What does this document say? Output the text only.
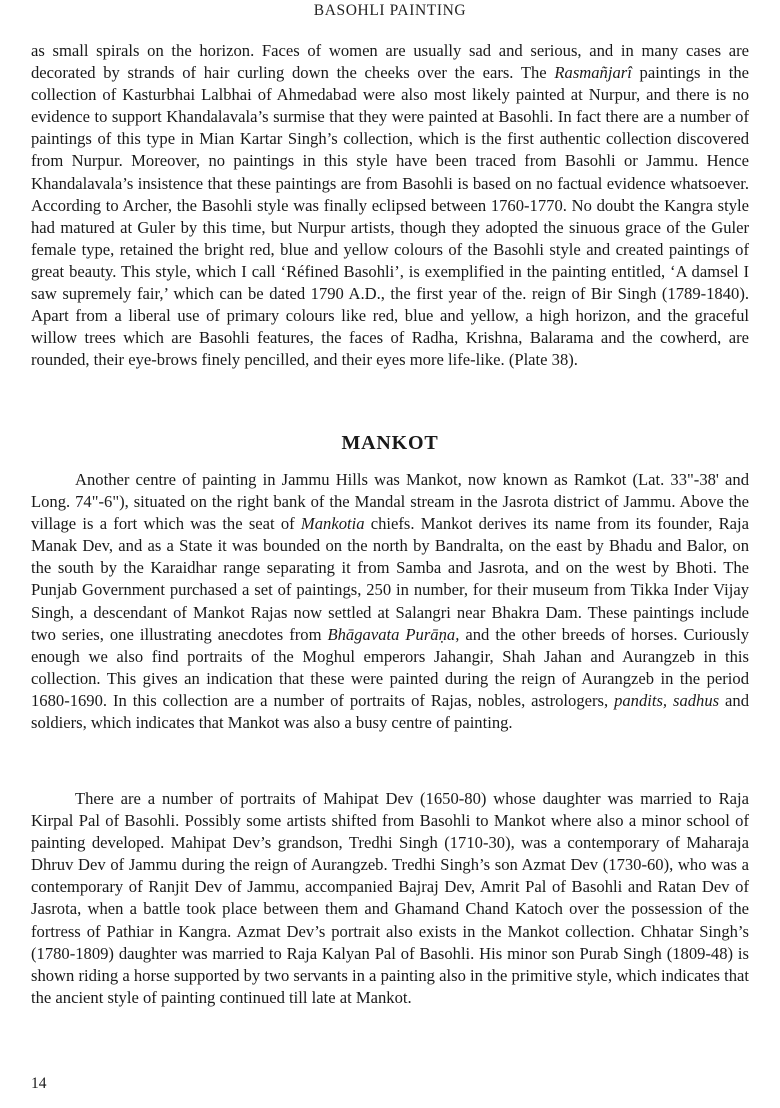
BASOHLI PAINTING

as small spirals on the horizon. Faces of women are usually sad and serious, and in many cases are decorated by strands of hair curling down the cheeks over the ears. The Rasmañjarî paintings in the collection of Kasturbhai Lalbhai of Ahmedabad were also most likely painted at Nurpur, and there is no evidence to support Khandalavala’s surmise that they were painted at Basohli. In fact there are a number of paintings of this type in Mian Kartar Singh’s collection, which is the first authentic collection discovered from Nurpur. Moreover, no paintings in this style have been traced from Basohli or Jammu. Hence Khandalavala’s insistence that these paintings are from Basohli is based on no factual evidence whatsoever. According to Archer, the Basohli style was finally eclipsed between 1760-1770. No doubt the Kangra style had matured at Guler by this time, but Nurpur artists, though they adopted the sinuous grace of the Guler female type, retained the bright red, blue and yellow colours of the Basohli style and created paintings of great beauty. This style, which I call ‘Réfined Basohli’, is exemplified in the painting entitled, ‘A damsel I saw supremely fair,’ which can be dated 1790 A.D., the first year of the. reign of Bir Singh (1789-1840). Apart from a liberal use of primary colours like red, blue and yellow, a high horizon, and the graceful willow trees which are Basohli features, the faces of Radha, Krishna, Balarama and the cowherd, are rounded, their eye-brows finely pencilled, and their eyes more life-like. (Plate 38).

MANKOT

Another centre of painting in Jammu Hills was Mankot, now known as Ramkot (Lat. 33"-38' and Long. 74"-6"), situated on the right bank of the Mandal stream in the Jasrota district of Jammu. Above the village is a fort which was the seat of Mankotia chiefs. Mankot derives its name from its founder, Raja Manak Dev, and as a State it was bounded on the north by Bandralta, on the east by Bhadu and Balor, on the south by the Karaidhar range separating it from Samba and Jasrota, and on the west by Bhoti. The Punjab Government purchased a set of paintings, 250 in number, for their museum from Tikka Inder Vijay Singh, a descendant of Mankot Rajas now settled at Salangri near Bhakra Dam. These paintings include two series, one illustrating anecdotes from Bhāgavata Purāṇa, and the other breeds of horses. Curiously enough we also find portraits of the Moghul emperors Jahangir, Shah Jahan and Aurangzeb in this collection. This gives an indication that these were painted during the reign of Aurangzeb in the period 1680-1690. In this collection are a number of portraits of Rajas, nobles, astrologers, pandits, sadhus and soldiers, which indicates that Mankot was also a busy centre of painting.

There are a number of portraits of Mahipat Dev (1650-80) whose daughter was married to Raja Kirpal Pal of Basohli. Possibly some artists shifted from Basohli to Mankot where also a minor school of painting developed. Mahipat Dev’s grandson, Tredhi Singh (1710-30), was a contemporary of Maharaja Dhruv Dev of Jammu during the reign of Aurangzeb. Tredhi Singh’s son Azmat Dev (1730-60), who was a contemporary of Ranjit Dev of Jammu, accompanied Bajraj Dev, Amrit Pal of Basohli and Ratan Dev of Jasrota, when a battle took place between them and Ghamand Chand Katoch over the possession of the fortress of Pathiar in Kangra. Azmat Dev’s portrait also exists in the Mankot collection. Chhatar Singh’s (1780-1809) daughter was married to Raja Kalyan Pal of Basohli. His minor son Purab Singh (1809-48) is shown riding a horse supported by two servants in a painting also in the primitive style, which indicates that the ancient style of painting continued till late at Mankot.

14
